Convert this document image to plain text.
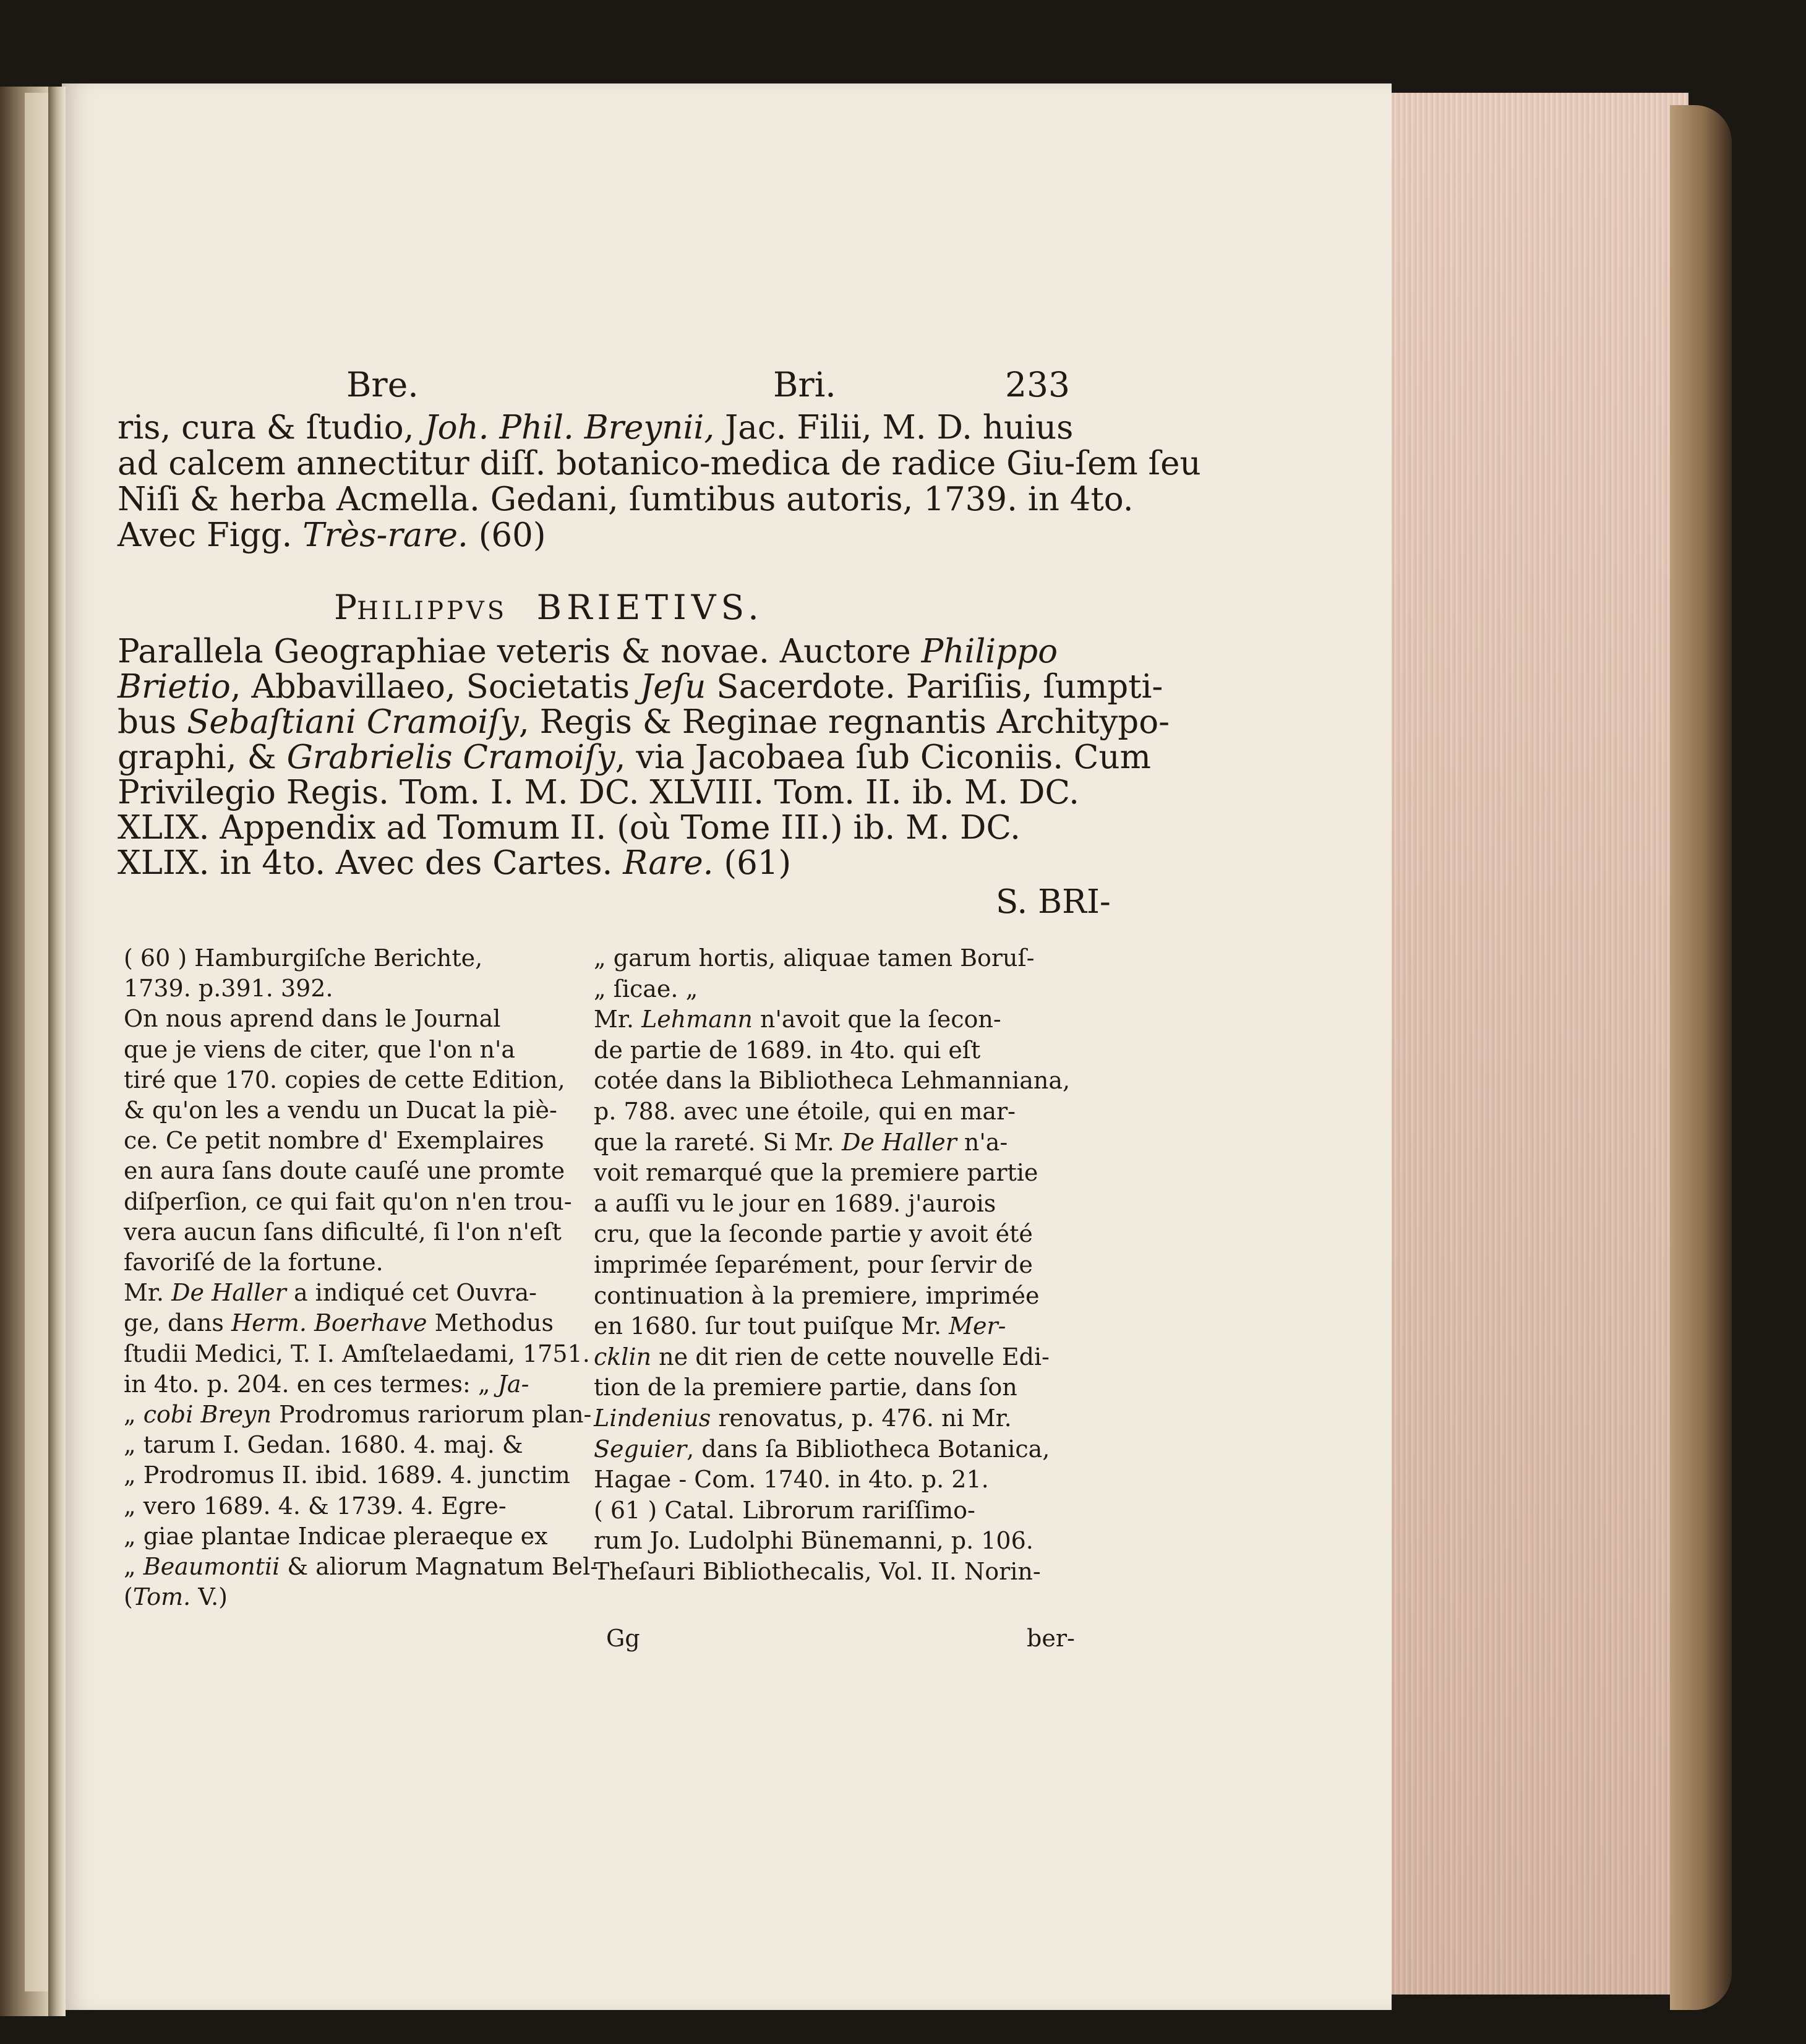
Bre.	Bri.	233
ris, cura & ſtudio, Joh. Phil. Breynii, Jac. Filii, M. D. huius
ad calcem annectitur diſſ. botanico-medica de radice Giu-ſem ſeu
Niſi & herba Acmella. Gedani, ſumtibus autoris, 1739. in 4to.
Avec Figg. Très-rare. (60)
PHILIPPVS BRIETIVS.
Parallela Geographiae veteris & novae. Auctore Philippo
Brietio, Abbavillaeo, Societatis Jeſu Sacerdote. Pariſiis, ſumpti-
bus Sebaſtiani Cramoiſy, Regis & Reginae regnantis Architypo-
graphi, & Grabrielis Cramoiſy, via Jacobaea ſub Ciconiis. Cum
Privilegio Regis. Tom. I. M. DC. XLVIII. Tom. II. ib. M. DC.
XLIX. Appendix ad Tomum II. (où Tome III.) ib. M. DC.
XLIX. in 4to. Avec des Cartes. Rare. (61)
S. BRI-
( 60 ) Hamburgiſche Berichte,
1739. p.391. 392.
On nous aprend dans le Journal
que je viens de citer, que l'on n'a
tiré que 170. copies de cette Edition,
& qu'on les a vendu un Ducat la piè-
ce. Ce petit nombre d' Exemplaires
en aura ſans doute cauſé une promte
diſperſion, ce qui fait qu'on n'en trou-
vera aucun ſans dificulté, ſi l'on n'eſt
favoriſé de la fortune.
Mr. De Haller a indiqué cet Ouvra-
ge, dans Herm. Boerhave Methodus
ſtudii Medici, T. I. Amſtelaedami, 1751.
in 4to. p. 204. en ces termes: „ Ja-
„ cobi Breyn Prodromus rariorum plan-
„ tarum I. Gedan. 1680. 4. maj. &
„ Prodromus II. ibid. 1689. 4. junctim
„ vero 1689. 4. & 1739. 4. Egre-
„ giae plantae Indicae pleraeque ex
„ Beaumontii & aliorum Magnatum Bel-
(Tom. V.)
„ garum hortis, aliquae tamen Boruſ-
„ ſicae. „
Mr. Lehmann n'avoit que la ſecon-
de partie de 1689. in 4to. qui eſt
cotée dans la Bibliotheca Lehmanniana,
p. 788. avec une étoile, qui en mar-
que la rareté. Si Mr. De Haller n'a-
voit remarqué que la premiere partie
a auſſi vu le jour en 1689. j'aurois
cru, que la ſeconde partie y avoit été
imprimée ſeparément, pour ſervir de
continuation à la premiere, imprimée
en 1680. ſur tout puiſque Mr. Mer-
cklin ne dit rien de cette nouvelle Edi-
tion de la premiere partie, dans ſon
Lindenius renovatus, p. 476. ni Mr.
Seguier, dans ſa Bibliotheca Botanica,
Hagae - Com. 1740. in 4to. p. 21.
( 61 ) Catal. Librorum rariſſimo-
rum Jo. Ludolphi Bünemanni, p. 106.
Theſauri Bibliothecalis, Vol. II. Norin-
Gg	ber-
